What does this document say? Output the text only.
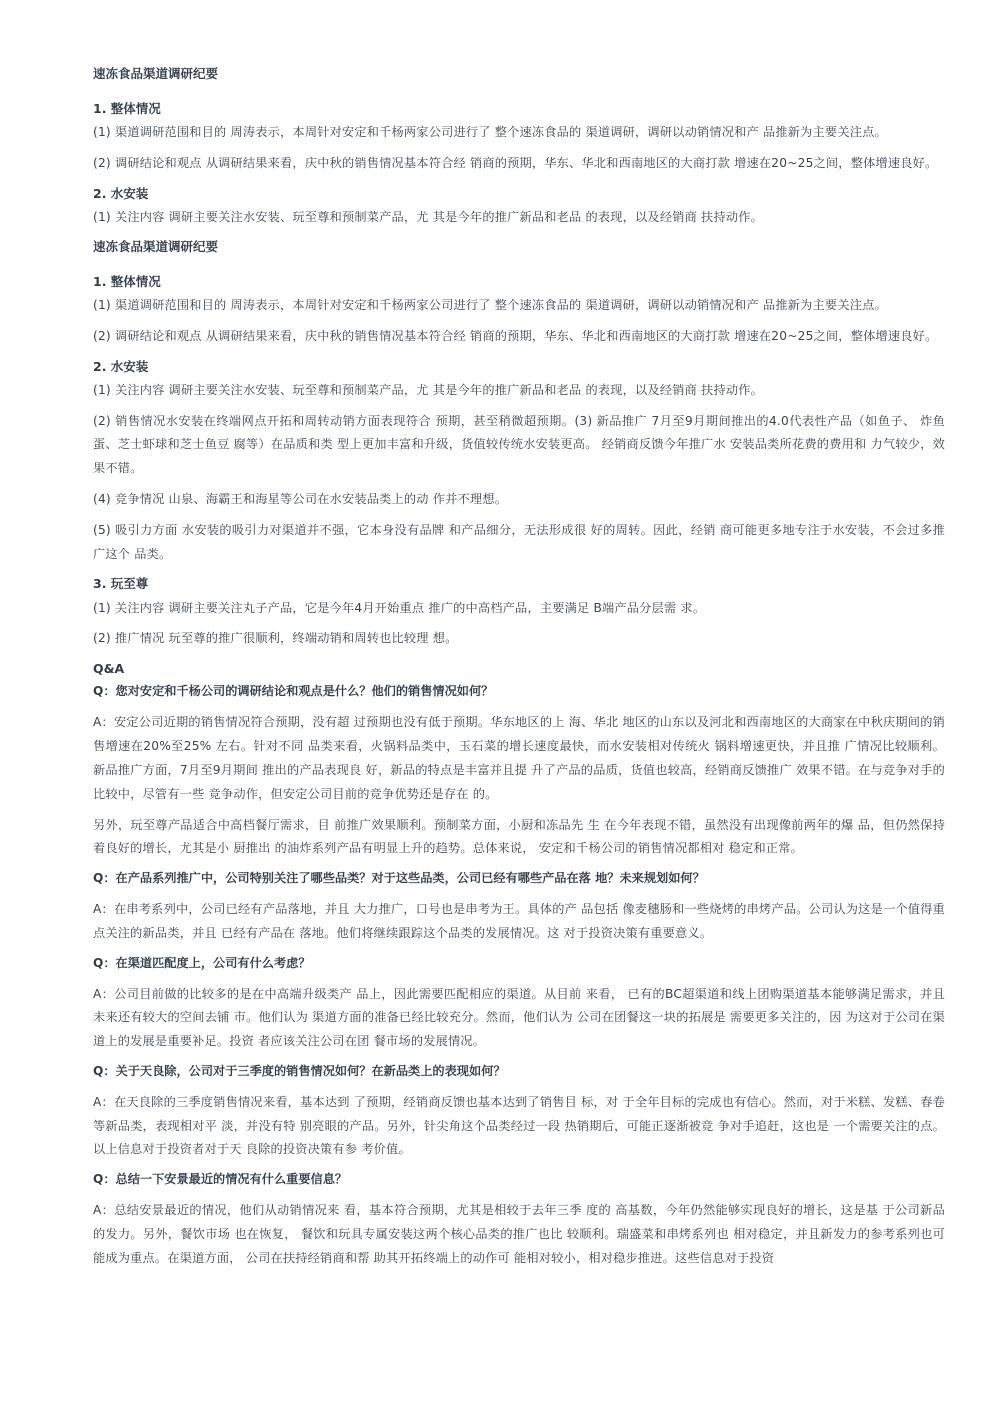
速冻食品渠道调研纪要
1. 整体情况
(1) 渠道调研范围和目的 周涛表示，本周针对安定和千杨两家公司进行了 整个速冻食品的 渠道调研，调研以动销情况和产 品推新为主要关注点。
(2) 调研结论和观点 从调研结果来看，庆中秋的销售情况基本符合经 销商的预期，华东、华北和西南地区的大商打款 增速在20~25之间，整体增速良好。
2. 水安装
(1) 关注内容 调研主要关注水安装、玩至尊和预制菜产品，尤 其是今年的推广新品和老品 的表现，以及经销商 扶持动作。
速冻食品渠道调研纪要
1. 整体情况
(1) 渠道调研范围和目的 周涛表示，本周针对安定和千杨两家公司进行了 整个速冻食品的 渠道调研，调研以动销情况和产 品推新为主要关注点。
(2) 调研结论和观点 从调研结果来看，庆中秋的销售情况基本符合经 销商的预期，华东、华北和西南地区的大商打款 增速在20~25之间，整体增速良好。
2. 水安装
(1) 关注内容 调研主要关注水安装、玩至尊和预制菜产品，尤 其是今年的推广新品和老品 的表现，以及经销商 扶持动作。
(2) 销售情况水安装在终端网点开拓和周转动销方面表现符合 预期，甚至稍微超预期。(3) 新品推广 7月至9月期间推出的4.0代表性产品（如鱼子、 炸鱼蛋、芝士虾球和芝士鱼豆 腐等）在品质和类 型上更加丰富和升级，货值较传统水安装更高。 经销商反馈今年推广水 安装品类所花费的费用和 力气较少，效果不错。
(4) 竞争情况 山泉、海霸王和海星等公司在水安装品类上的动 作并不理想。
(5) 吸引力方面 水安装的吸引力对渠道并不强，它本身没有品牌 和产品细分，无法形成很 好的周转。因此，经销 商可能更多地专注于水安装，不会过多推广这个 品类。
3. 玩至尊
(1) 关注内容 调研主要关注丸子产品，它是今年4月开始重点 推广的中高档产品，主要满足 B端产品分层需 求。
(2) 推广情况 玩至尊的推广很顺利，终端动销和周转也比较理 想。
Q&A
Q：您对安定和千杨公司的调研结论和观点是什么？他们的销售情况如何？
A：安定公司近期的销售情况符合预期，没有超 过预期也没有低于预期。华东地区的上 海、华北 地区的山东以及河北和西南地区的大商家在中秋庆期间的销售增速在20%至25% 左右。针对不同 品类来看，火锅料品类中，玉石菜的增长速度最快，而水安装相对传统火 锅料增速更快，并且推 广情况比较顺利。新品推广方面，7月至9月期间 推出的产品表现良 好，新品的特点是丰富并且提 升了产品的品质，货值也较高，经销商反馈推广 效果不错。在与竞争对手的比较中，尽管有一些 竞争动作，但安定公司目前的竞争优势还是存在 的。
另外，玩至尊产品适合中高档餐厅需求，目 前推广效果顺利。预制菜方面，小厨和冻品先 生 在今年表现不错，虽然没有出现像前两年的爆 品，但仍然保持着良好的增长，尤其是小 厨推出 的油炸系列产品有明显上升的趋势。总体来说， 安定和千杨公司的销售情况都相对 稳定和正常。
Q：在产品系列推广中，公司特别关注了哪些品类？对于这些品类，公司已经有哪些产品在落 地？未来规划如何？
A：在串考系列中，公司已经有产品落地，并且 大力推广，口号也是串考为王。具体的产 品包括 像麦穗肠和一些烧烤的串烤产品。公司认为这是一个值得重点关注的新品类，并且 已经有产品在 落地。他们将继续跟踪这个品类的发展情况。这 对于投资决策有重要意义。
Q：在渠道匹配度上，公司有什么考虑？
A：公司目前做的比较多的是在中高端升级类产 品上，因此需要匹配相应的渠道。从目前 来看， 已有的BC超渠道和线上团购渠道基本能够满足需求，并且未来还有较大的空间去铺 市。他们认为 渠道方面的准备已经比较充分。然而，他们认为 公司在团餐这一块的拓展是 需要更多关注的，因 为这对于公司在渠道上的发展是重要补足。投资 者应该关注公司在团 餐市场的发展情况。
Q：关于天良除，公司对于三季度的销售情况如何？在新品类上的表现如何？
A：在天良除的三季度销售情况来看，基本达到 了预期，经销商反馈也基本达到了销售目 标，对 于全年目标的完成也有信心。然而，对于米糕、发糕、春卷等新品类，表现相对平 淡，并没有特 别亮眼的产品。另外，针尖角这个品类经过一段 热销期后，可能正逐渐被竞 争对手追赶，这也是 一个需要关注的点。以上信息对于投资者对于天 良除的投资决策有参 考价值。
Q：总结一下安景最近的情况有什么重要信息？
A：总结安景最近的情况，他们从动销情况来 看，基本符合预期，尤其是相较于去年三季 度的 高基数，今年仍然能够实现良好的增长，这是基 于公司新品的发力。另外，餐饮市场 也在恢复， 餐饮和玩具专属安装这两个核心品类的推广也比 较顺利。瑞盛菜和串烤系列也 相对稳定，并且新发力的参考系列也可能成为重点。在渠道方面， 公司在扶持经销商和帮 助其开拓终端上的动作可 能相对较小，相对稳步推进。这些信息对于投资
